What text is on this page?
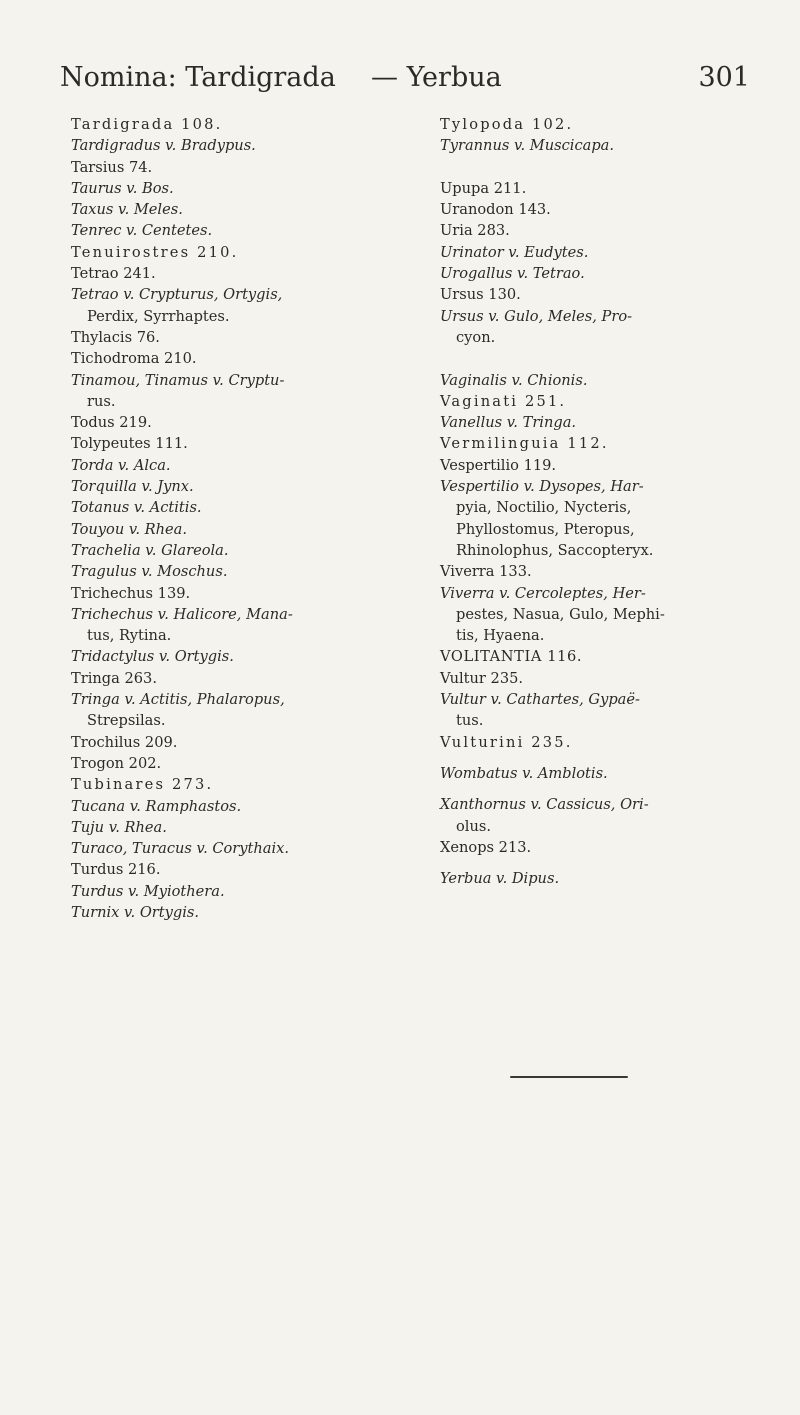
Nomina: Tardigrada — Yerbua	301
Tardigrada 108.
Tardigradus v. Bradypus.
Tarsius 74.
Taurus v. Bos.
Taxus v. Meles.
Tenrec v. Centetes.
Tenuirostres 210.
Tetrao 241.
Tetrao v. Crypturus, Ortygis,
Perdix, Syrrhaptes.
Thylacis 76.
Tichodroma 210.
Tinamou, Tinamus v. Cryptu-
rus.
Todus 219.
Tolypeutes 111.
Torda v. Alca.
Torquilla v. Jynx.
Totanus v. Actitis.
Touyou v. Rhea.
Trachelia v. Glareola.
Tragulus v. Moschus.
Trichechus 139.
Trichechus v. Halicore, Mana-
tus, Rytina.
Tridactylus v. Ortygis.
Tringa 263.
Tringa v. Actitis, Phalaropus,
Strepsilas.
Trochilus 209.
Trogon 202.
Tubinares 273.
Tucana v. Ramphastos.
Tuju v. Rhea.
Turaco, Turacus v. Corythaix.
Turdus 216.
Turdus v. Myiothera.
Turnix v. Ortygis.
Tylopoda 102.
Tyrannus v. Muscicapa.
Upupa 211.
Uranodon 143.
Uria 283.
Urinator v. Eudytes.
Urogallus v. Tetrao.
Ursus 130.
Ursus v. Gulo, Meles, Pro-
cyon.
Vaginalis v. Chionis.
Vaginati 251.
Vanellus v. Tringa.
Vermilinguia 112.
Vespertilio 119.
Vespertilio v. Dysopes, Har-
pyia, Noctilio, Nycteris,
Phyllostomus, Pteropus,
Rhinolophus, Saccopteryx.
Viverra 133.
Viverra v. Cercoleptes, Her-
pestes, Nasua, Gulo, Mephi-
tis, Hyaena.
VOLITANTIA 116.
Vultur 235.
Vultur v. Cathartes, Gypaë-
tus.
Vulturini 235.
Wombatus v. Amblotis.
Xanthornus v. Cassicus, Ori-
olus.
Xenops 213.
Yerbua v. Dipus.
